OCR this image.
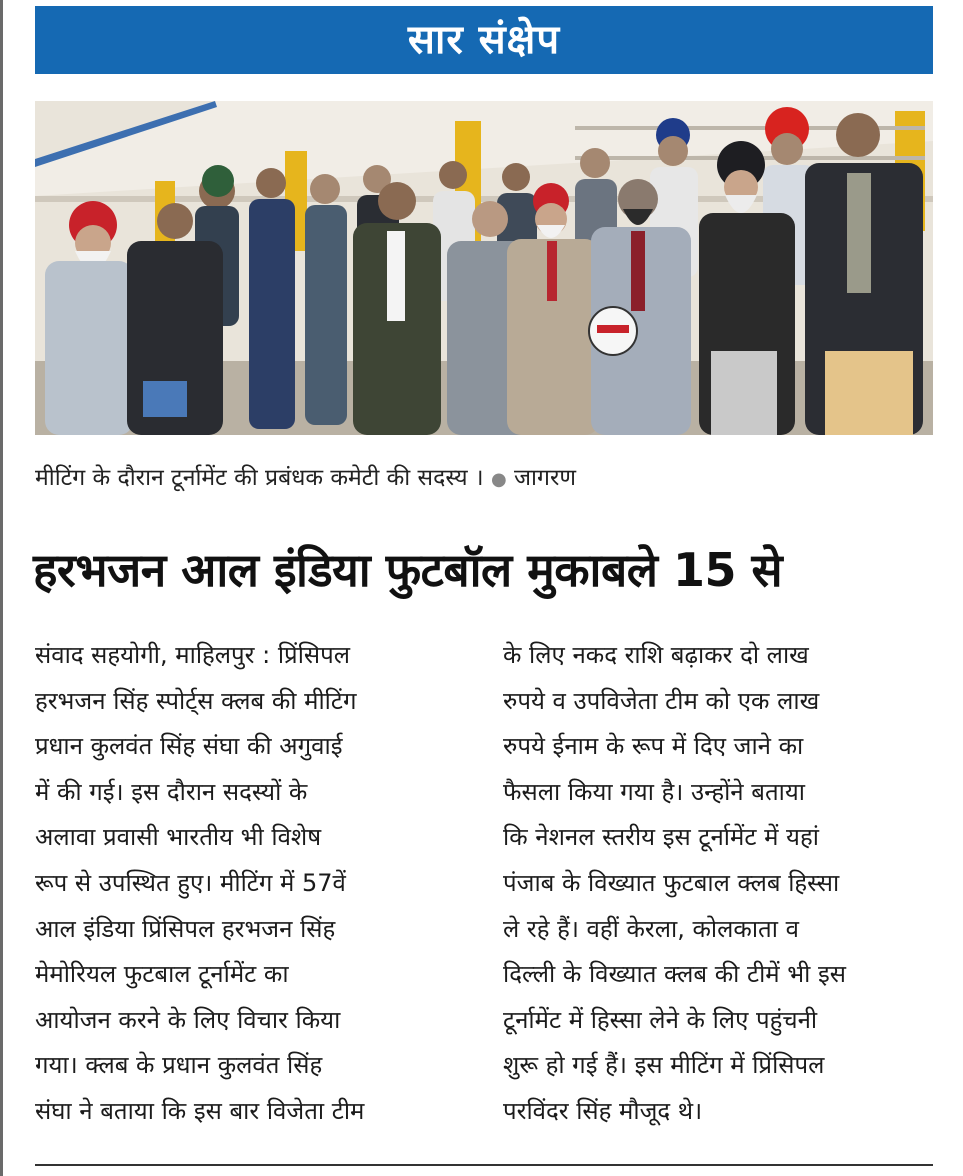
सार संक्षेप
मीटिंग के दौरान टूर्नामेंट की प्रबंधक कमेटी की सदस्य । ● जागरण
हरभजन आल इंडिया फुटबॉल मुकाबले 15 से
संवाद सहयोगी, माहिलपुर : प्रिंसिपल
हरभजन सिंह स्पोर्ट्स क्लब की मीटिंग
प्रधान कुलवंत सिंह संघा की अगुवाई
में की गई। इस दौरान सदस्यों के
अलावा प्रवासी भारतीय भी विशेष
रूप से उपस्थित हुए। मीटिंग में 57वें
आल इंडिया प्रिंसिपल हरभजन सिंह
मेमोरियल फुटबाल टूर्नामेंट का
आयोजन करने के लिए विचार किया
गया। क्लब के प्रधान कुलवंत सिंह
संघा ने बताया कि इस बार विजेता टीम
के लिए नकद राशि बढ़ाकर दो लाख
रुपये व उपविजेता टीम को एक लाख
रुपये ईनाम के रूप में दिए जाने का
फैसला किया गया है। उन्होंने बताया
कि नेशनल स्तरीय इस टूर्नामेंट में यहां
पंजाब के विख्यात फुटबाल क्लब हिस्सा
ले रहे हैं। वहीं केरला, कोलकाता व
दिल्ली के विख्यात क्लब की टीमें भी इस
टूर्नामेंट में हिस्सा लेने के लिए पहुंचनी
शुरू हो गई हैं। इस मीटिंग में प्रिंसिपल
परविंदर सिंह मौजूद थे।
